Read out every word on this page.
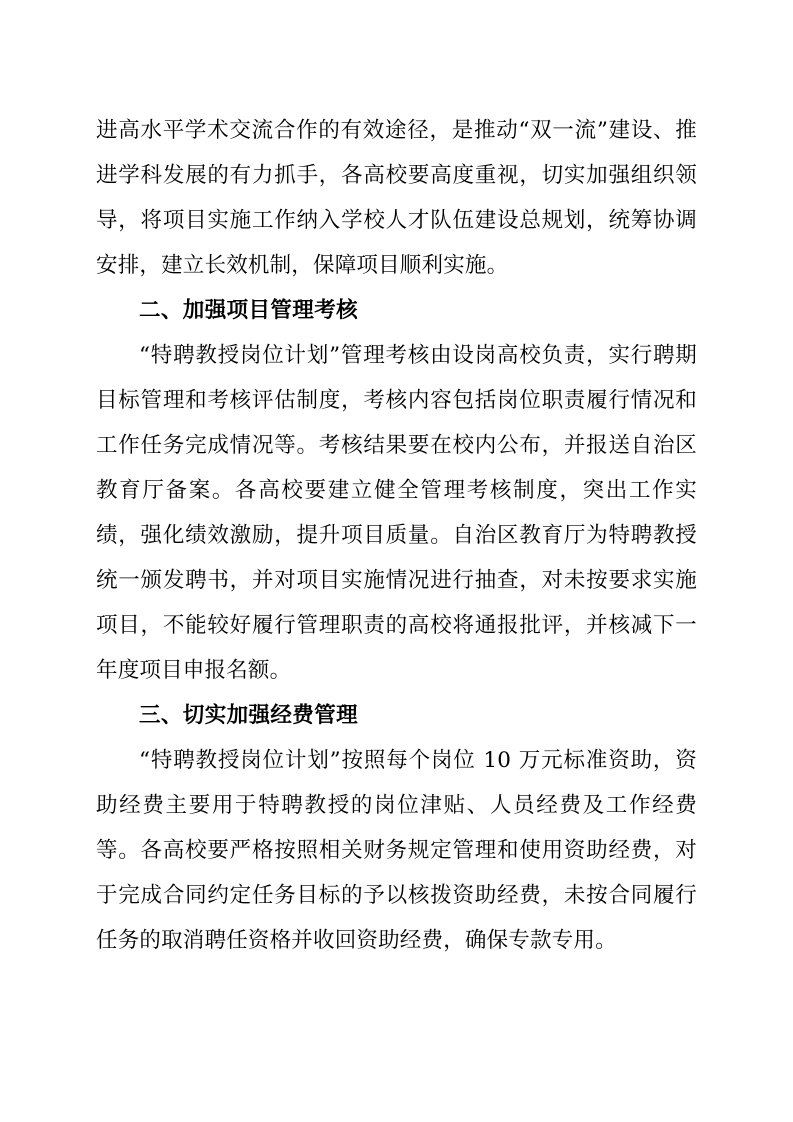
进高水平学术交流合作的有效途径，是推动“双一流”建设、推进学科发展的有力抓手，各高校要高度重视，切实加强组织领导，将项目实施工作纳入学校人才队伍建设总规划，统筹协调安排，建立长效机制，保障项目顺利实施。

二、加强项目管理考核

“特聘教授岗位计划”管理考核由设岗高校负责，实行聘期目标管理和考核评估制度，考核内容包括岗位职责履行情况和工作任务完成情况等。考核结果要在校内公布，并报送自治区教育厅备案。各高校要建立健全管理考核制度，突出工作实绩，强化绩效激励，提升项目质量。自治区教育厅为特聘教授统一颁发聘书，并对项目实施情况进行抽查，对未按要求实施项目，不能较好履行管理职责的高校将通报批评，并核减下一年度项目申报名额。

三、切实加强经费管理

“特聘教授岗位计划”按照每个岗位 10 万元标准资助，资助经费主要用于特聘教授的岗位津贴、人员经费及工作经费等。各高校要严格按照相关财务规定管理和使用资助经费，对于完成合同约定任务目标的予以核拨资助经费，未按合同履行任务的取消聘任资格并收回资助经费，确保专款专用。
